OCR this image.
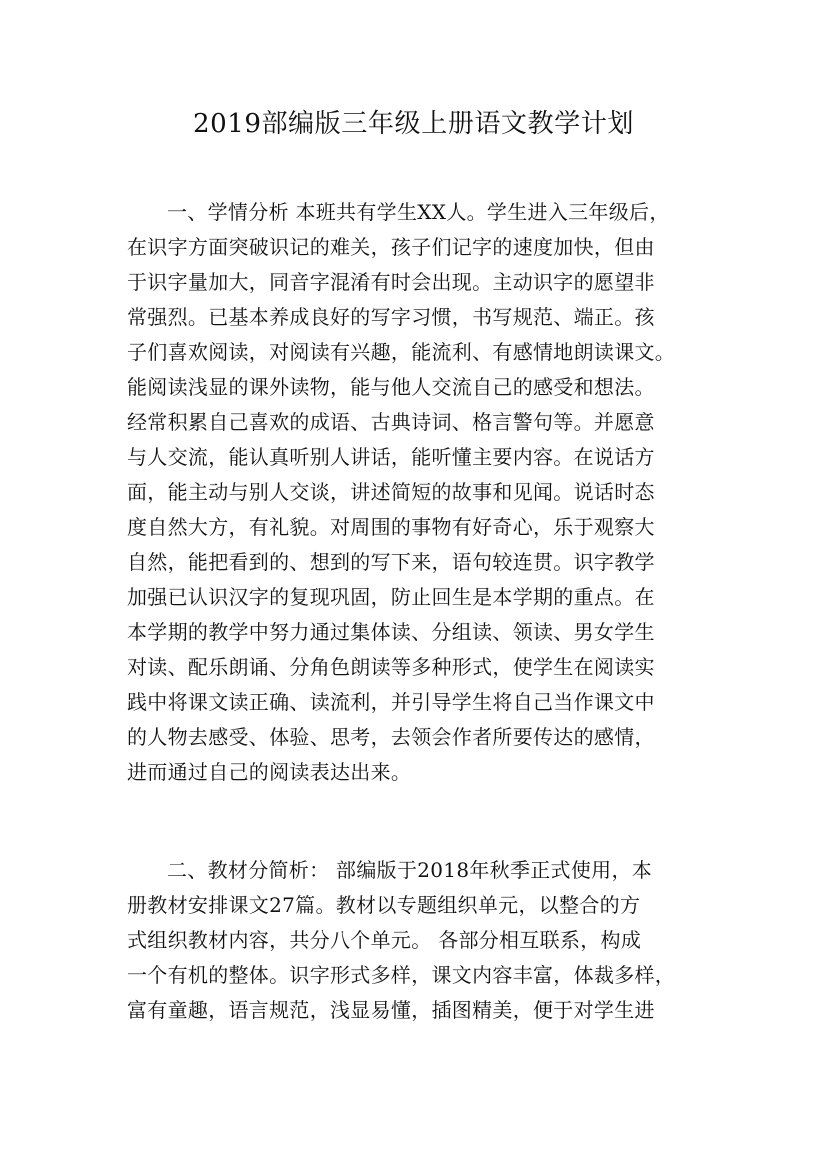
2019部编版三年级上册语文教学计划
一、学情分析 本班共有学生XX人。学生进入三年级后，
在识字方面突破识记的难关，孩子们记字的速度加快，但由
于识字量加大，同音字混淆有时会出现。主动识字的愿望非
常强烈。已基本养成良好的写字习惯，书写规范、端正。孩
子们喜欢阅读，对阅读有兴趣，能流利、有感情地朗读课文。
能阅读浅显的课外读物，能与他人交流自己的感受和想法。
经常积累自己喜欢的成语、古典诗词、格言警句等。并愿意
与人交流，能认真听别人讲话，能听懂主要内容。在说话方
面，能主动与别人交谈，讲述简短的故事和见闻。说话时态
度自然大方，有礼貌。对周围的事物有好奇心，乐于观察大
自然，能把看到的、想到的写下来，语句较连贯。识字教学
加强已认识汉字的复现巩固，防止回生是本学期的重点。在
本学期的教学中努力通过集体读、分组读、领读、男女学生
对读、配乐朗诵、分角色朗读等多种形式，使学生在阅读实
践中将课文读正确、读流利，并引导学生将自己当作课文中
的人物去感受、体验、思考，去领会作者所要传达的感情，
进而通过自己的阅读表达出来。
二、教材分简析： 部编版于2018年秋季正式使用，本
册教材安排课文27篇。教材以专题组织单元，以整合的方
式组织教材内容，共分八个单元。 各部分相互联系，构成
一个有机的整体。识字形式多样，课文内容丰富，体裁多样，
富有童趣，语言规范，浅显易懂，插图精美，便于对学生进
